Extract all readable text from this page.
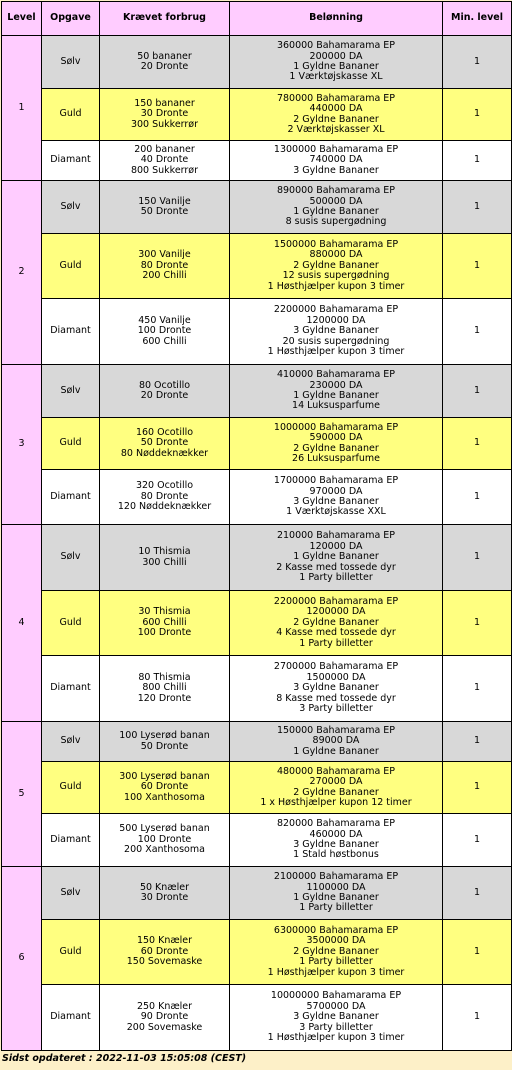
Level	Opgave	Krævet forbrug	Belønning	Min. level
1	Sølv	50 bananer
20 Dronte	360000 Bahamarama EP
200000 DA
1 Gyldne Bananer
1 Værktøjskasse XL	1
	Guld	150 bananer
30 Dronte
300 Sukkerrør	780000 Bahamarama EP
440000 DA
2 Gyldne Bananer
2 Værktøjskasser XL	1
	Diamant	200 bananer
40 Dronte
800 Sukkerrør	1300000 Bahamarama EP
740000 DA
3 Gyldne Bananer	1
2	Sølv	150 Vanilje
50 Dronte	890000 Bahamarama EP
500000 DA
1 Gyldne Bananer
8 susis supergødning	1
	Guld	300 Vanilje
80 Dronte
200 Chilli	1500000 Bahamarama EP
880000 DA
2 Gyldne Bananer
12 susis supergødning
1 Høsthjælper kupon 3 timer	1
	Diamant	450 Vanilje
100 Dronte
600 Chilli	2200000 Bahamarama EP
1200000 DA
3 Gyldne Bananer
20 susis supergødning
1 Høsthjælper kupon 3 timer	1
3	Sølv	80 Ocotillo
20 Dronte	410000 Bahamarama EP
230000 DA
1 Gyldne Bananer
14 Luksusparfume	1
	Guld	160 Ocotillo
50 Dronte
80 Nøddeknækker	1000000 Bahamarama EP
590000 DA
2 Gyldne Bananer
26 Luksusparfume	1
	Diamant	320 Ocotillo
80 Dronte
120 Nøddeknækker	1700000 Bahamarama EP
970000 DA
3 Gyldne Bananer
1 Værktøjskasse XXL	1
4	Sølv	10 Thismia
300 Chilli	210000 Bahamarama EP
120000 DA
1 Gyldne Bananer
2 Kasse med tossede dyr
1 Party billetter	1
	Guld	30 Thismia
600 Chilli
100 Dronte	2200000 Bahamarama EP
1200000 DA
2 Gyldne Bananer
4 Kasse med tossede dyr
1 Party billetter	1
	Diamant	80 Thismia
800 Chilli
120 Dronte	2700000 Bahamarama EP
1500000 DA
3 Gyldne Bananer
8 Kasse med tossede dyr
3 Party billetter	1
5	Sølv	100 Lyserød banan
50 Dronte	150000 Bahamarama EP
89000 DA
1 Gyldne Bananer	1
	Guld	300 Lyserød banan
60 Dronte
100 Xanthosoma	480000 Bahamarama EP
270000 DA
2 Gyldne Bananer
1 x Høsthjælper kupon 12 timer	1
	Diamant	500 Lyserød banan
100 Dronte
200 Xanthosoma	820000 Bahamarama EP
460000 DA
3 Gyldne Bananer
1 Stald høstbonus	1
6	Sølv	50 Knæler
30 Dronte	2100000 Bahamarama EP
1100000 DA
1 Gyldne Bananer
1 Party billetter	1
	Guld	150 Knæler
60 Dronte
150 Sovemaske	6300000 Bahamarama EP
3500000 DA
2 Gyldne Bananer
1 Party billetter
1 Høsthjælper kupon 3 timer	1
	Diamant	250 Knæler
90 Dronte
200 Sovemaske	10000000 Bahamarama EP
5700000 DA
3 Gyldne Bananer
3 Party billetter
1 Høsthjælper kupon 3 timer	1
Sidst opdateret : 2022-11-03 15:05:08 (CEST)
